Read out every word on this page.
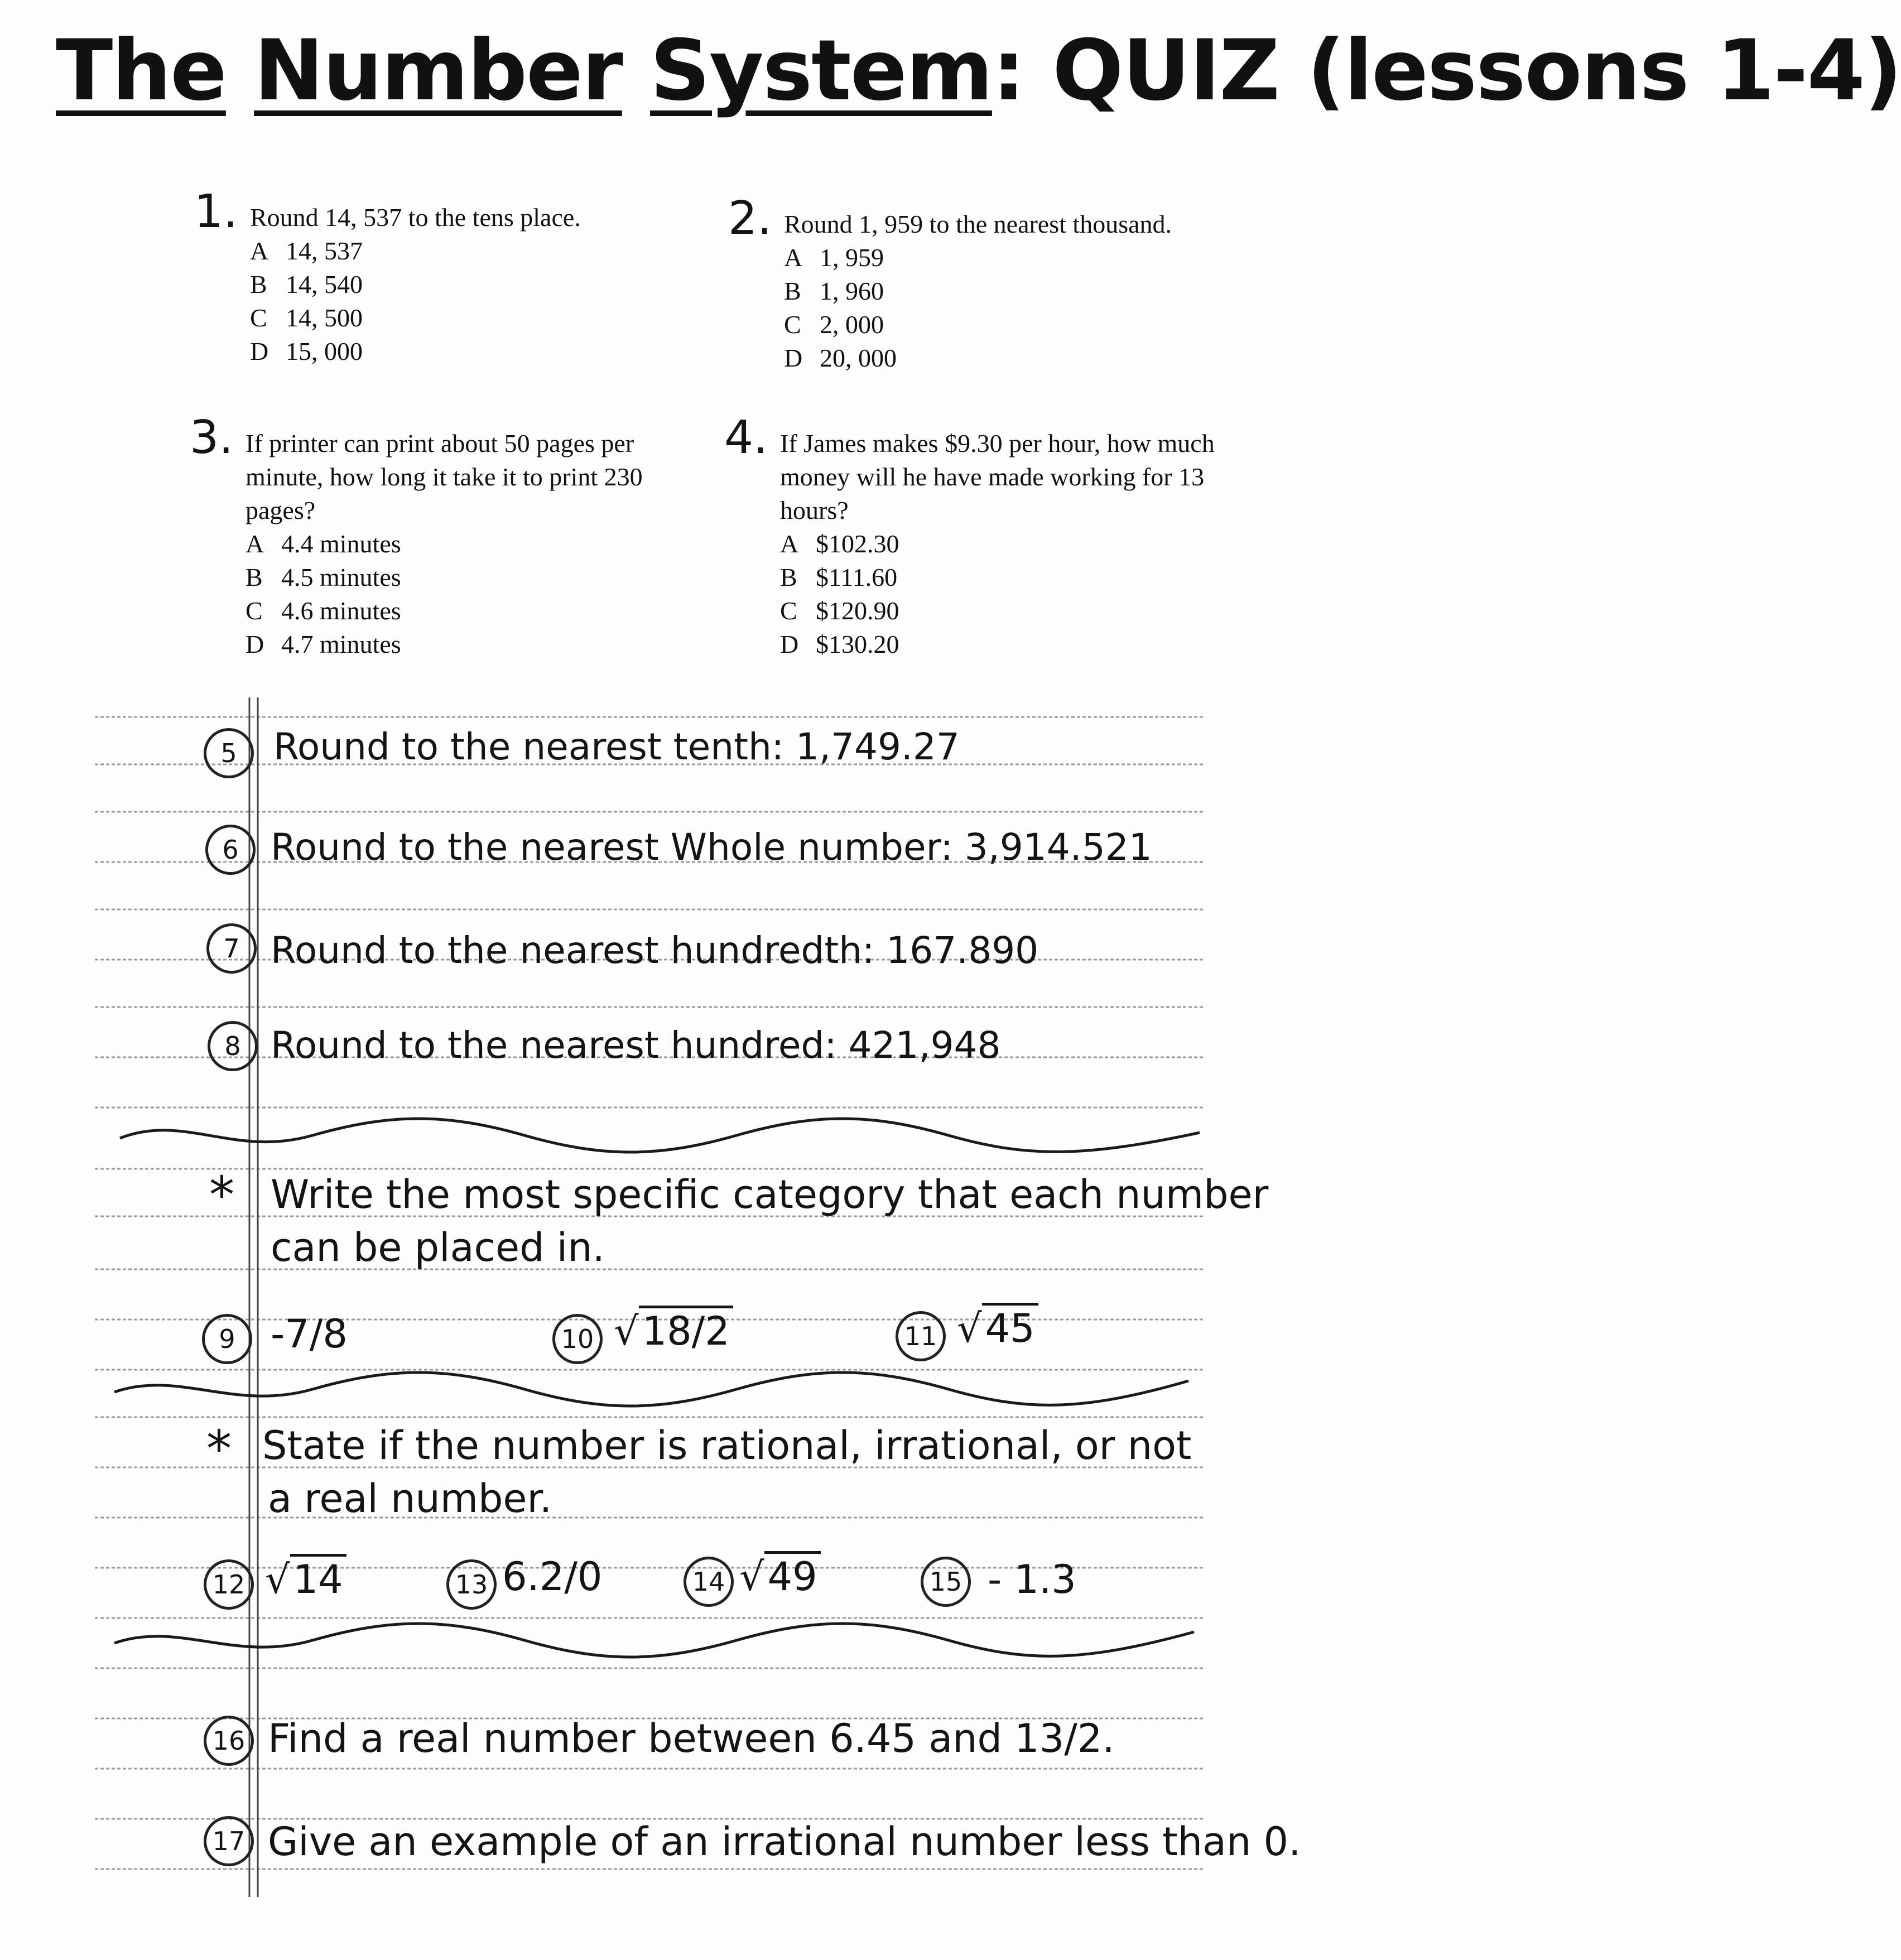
The Number System: QUIZ (lessons 1-4)
1. Round 14, 537 to the tens place.
A 14, 537
B 14, 540
C 14, 500
D 15, 000
2. Round 1, 959 to the nearest thousand.
A 1, 959
B 1, 960
C 2, 000
D 20, 000
3. If printer can print about 50 pages per minute, how long it take it to print 230 pages?
A 4.4 minutes
B 4.5 minutes
C 4.6 minutes
D 4.7 minutes
4. If James makes $9.30 per hour, how much money will he have made working for 13 hours?
A $102.30
B $111.60
C $120.90
D $130.20
5 Round to the nearest tenth: 1,749.27
6 Round to the nearest Whole number: 3,914.521
7 Round to the nearest hundredth: 167.890
8 Round to the nearest hundred: 421,948
* Write the most specific category that each number
can be placed in.
9 -7/8	10 √18/2	11 √45
* State if the number is rational, irrational, or not
a real number.
12 √14	13 6.2/0	14 √49	15 - 1.3
16 Find a real number between 6.45 and 13/2.
17 Give an example of an irrational number less than 0.
